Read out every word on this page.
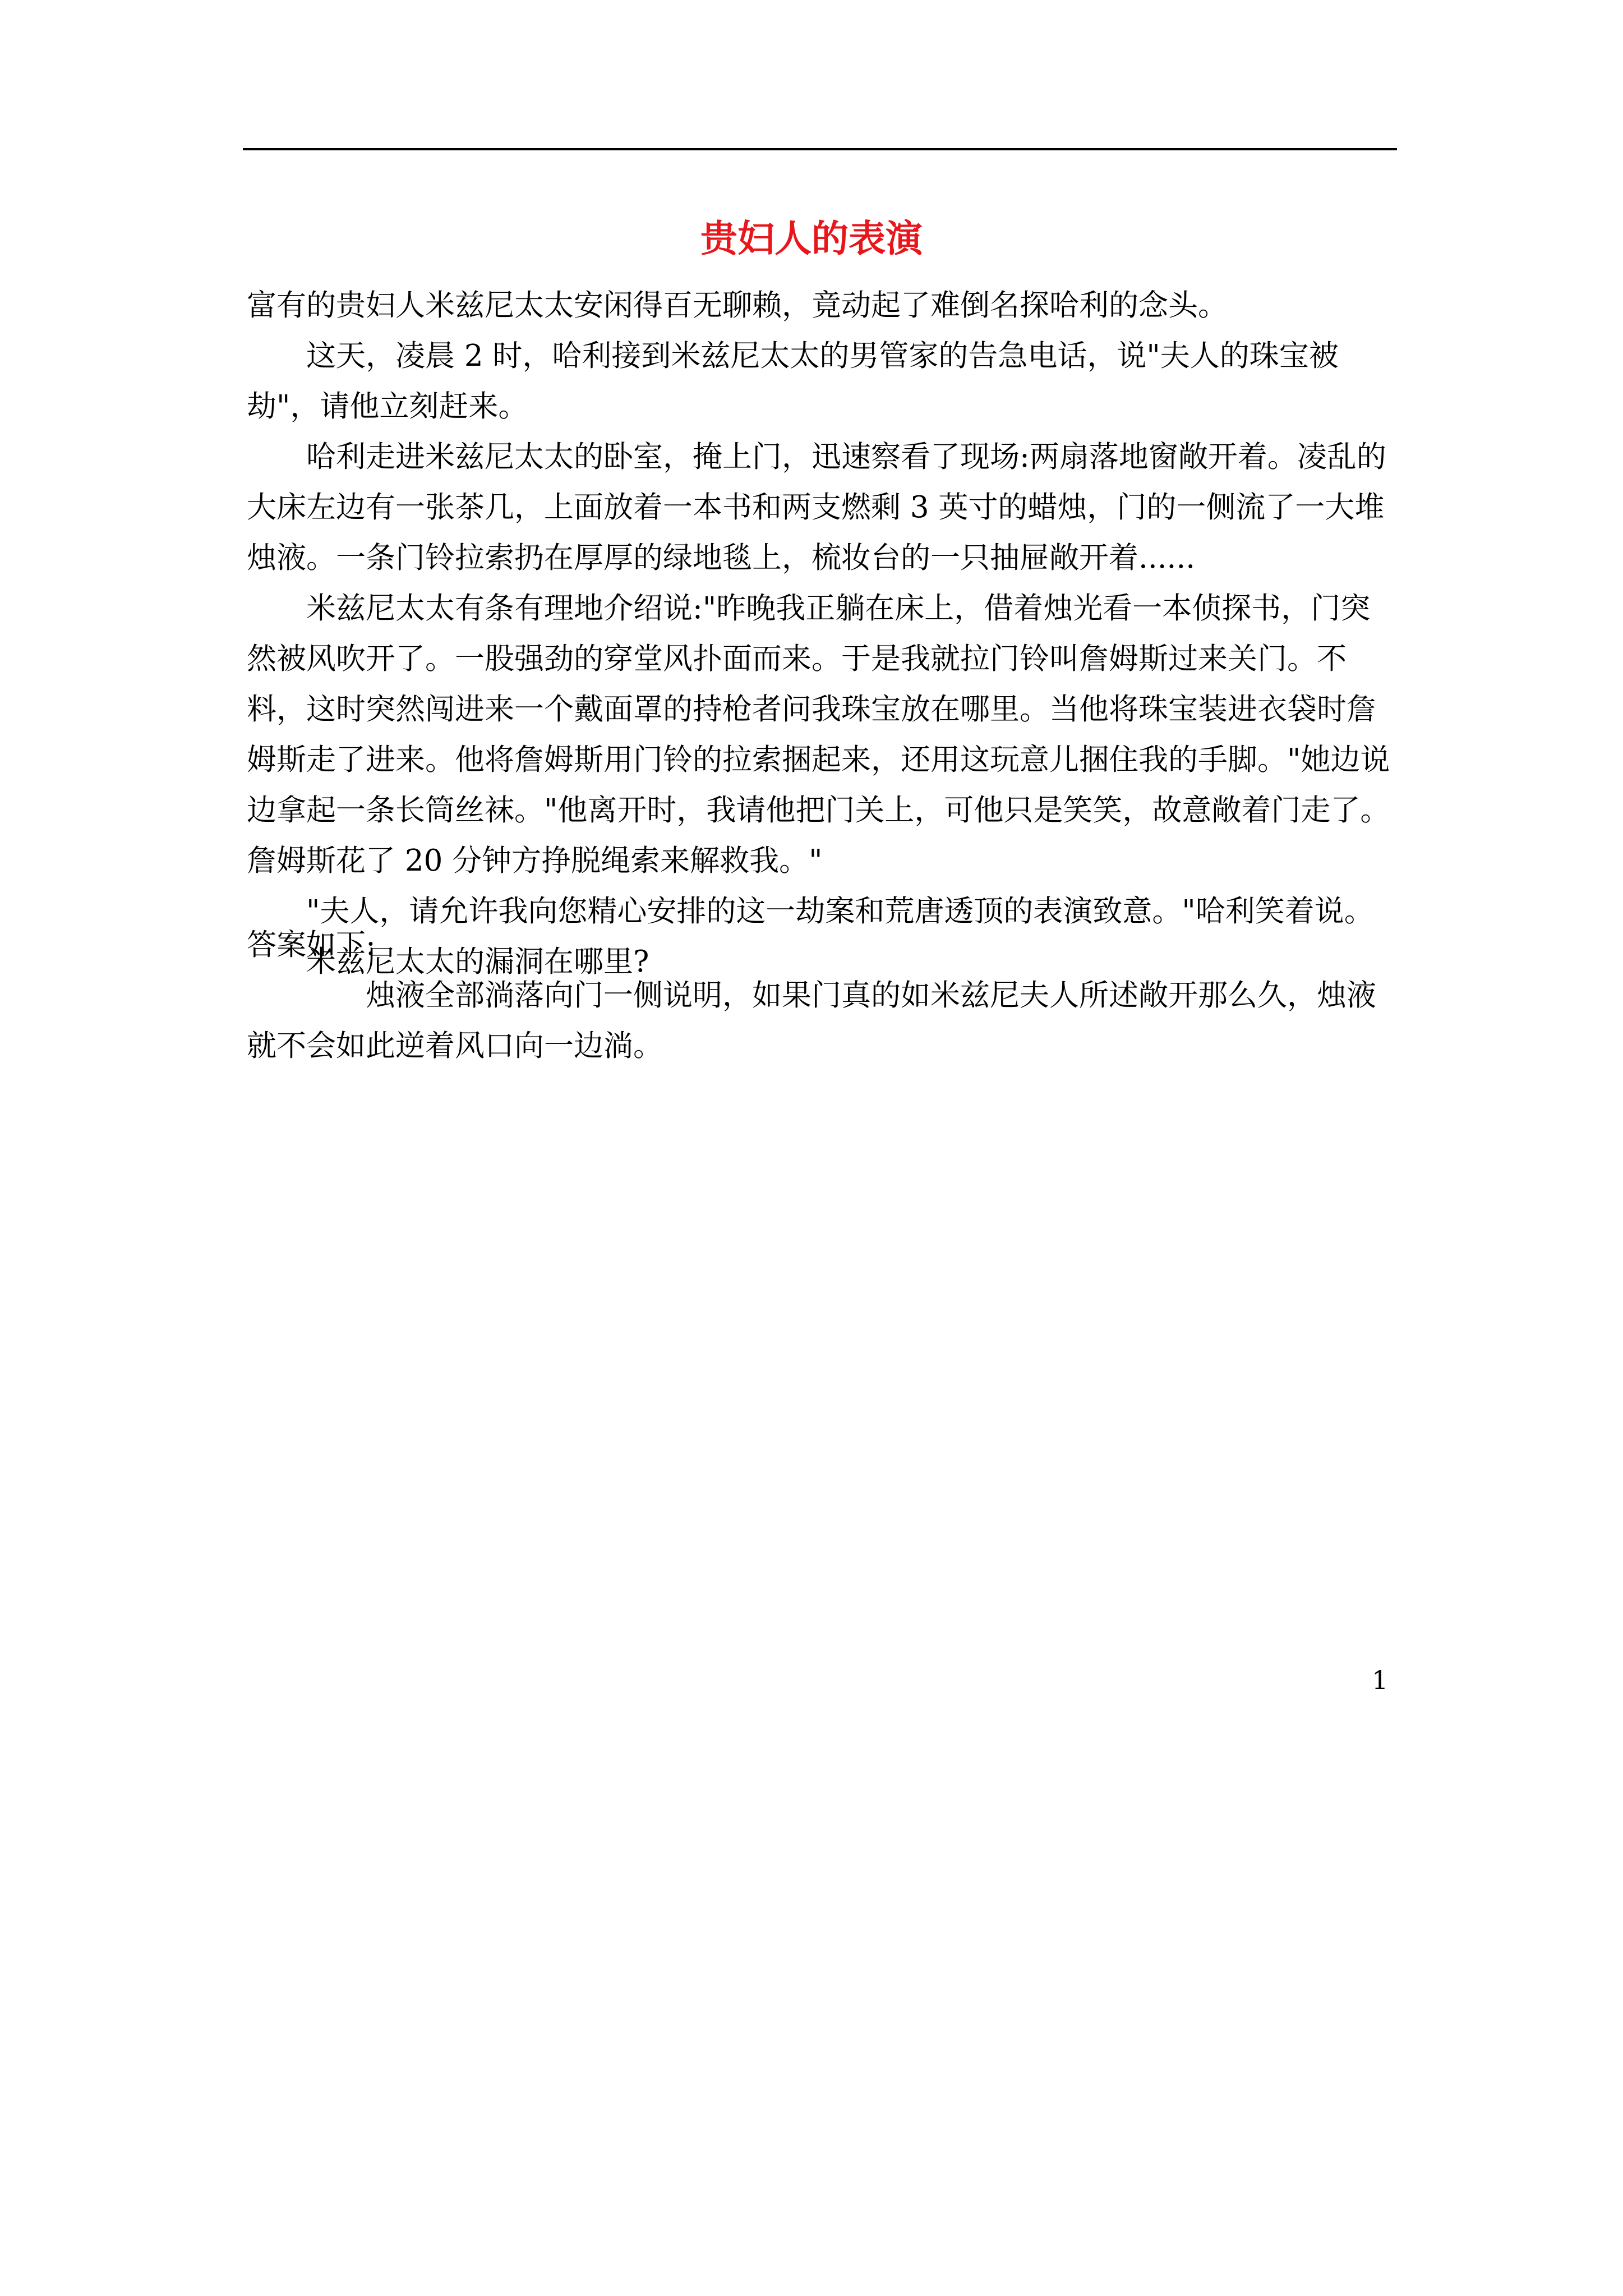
贵妇人的表演

富有的贵妇人米兹尼太太安闲得百无聊赖，竟动起了难倒名探哈利的念头。

这天，凌晨 2 时，哈利接到米兹尼太太的男管家的告急电话，说"夫人的珠宝被劫"，请他立刻赶来。

哈利走进米兹尼太太的卧室，掩上门，迅速察看了现场:两扇落地窗敞开着。凌乱的大床左边有一张茶几，上面放着一本书和两支燃剩 3 英寸的蜡烛，门的一侧流了一大堆烛液。一条门铃拉索扔在厚厚的绿地毯上，梳妆台的一只抽屉敞开着......

米兹尼太太有条有理地介绍说:"昨晚我正躺在床上，借着烛光看一本侦探书，门突然被风吹开了。一股强劲的穿堂风扑面而来。于是我就拉门铃叫詹姆斯过来关门。不料，这时突然闯进来一个戴面罩的持枪者问我珠宝放在哪里。当他将珠宝装进衣袋时詹姆斯走了进来。他将詹姆斯用门铃的拉索捆起来，还用这玩意儿捆住我的手脚。"她边说边拿起一条长筒丝袜。"他离开时，我请他把门关上，可他只是笑笑，故意敞着门走了。詹姆斯花了 20 分钟方挣脱绳索来解救我。"

"夫人，请允许我向您精心安排的这一劫案和荒唐透顶的表演致意。"哈利笑着说。

米兹尼太太的漏洞在哪里?

答案如下:

烛液全部淌落向门一侧说明，如果门真的如米兹尼夫人所述敞开那么久，烛液就不会如此逆着风口向一边淌。

1
